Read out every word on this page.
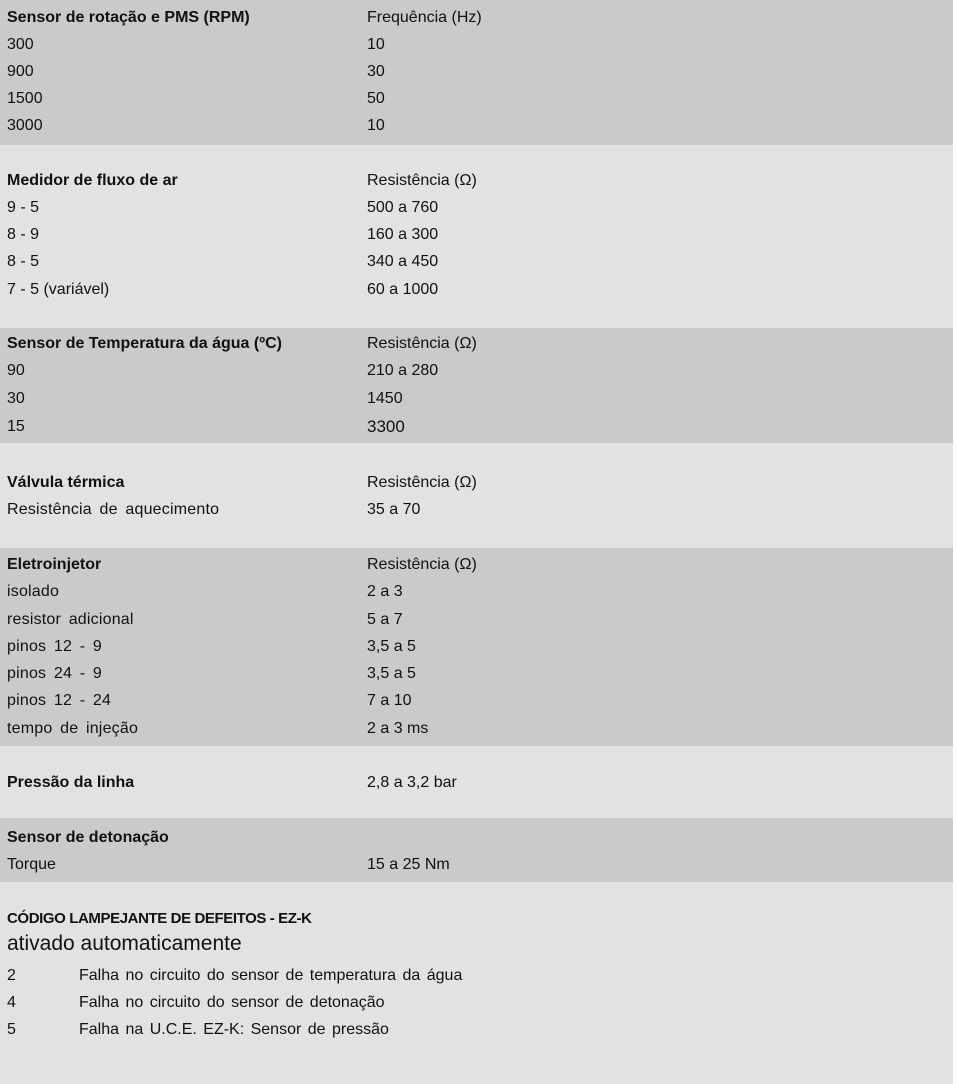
Sensor de rotação e PMS (RPM)	Frequência (Hz)
300	10
900	30
1500	50
3000	10
Medidor de fluxo de ar	Resistência (Ω)
9 - 5	500 a 760
8 - 9	160 a 300
8 - 5	340 a 450
7 - 5 (variável)	60 a 1000
Sensor de Temperatura da água (ºC)	Resistência (Ω)
90	210 a 280
30	1450
15	3300
Válvula térmica	Resistência (Ω)
Resistência de aquecimento	35 a 70
Eletroinjetor	Resistência (Ω)
isolado	2 a 3
resistor adicional	5 a 7
pinos 12 - 9	3,5 a 5
pinos 24 - 9	3,5 a 5
pinos 12 - 24	7 a 10
tempo de injeção	2 a 3 ms
Pressão da linha	2,8 a 3,2 bar
Sensor de detonação
Torque	15 a 25 Nm
CÓDIGO LAMPEJANTE DE DEFEITOS - EZ-K
ativado automaticamente
2	Falha no circuito do sensor de temperatura da água
4	Falha no circuito do sensor de detonação
5	Falha na U.C.E. EZ-K: Sensor de pressão
